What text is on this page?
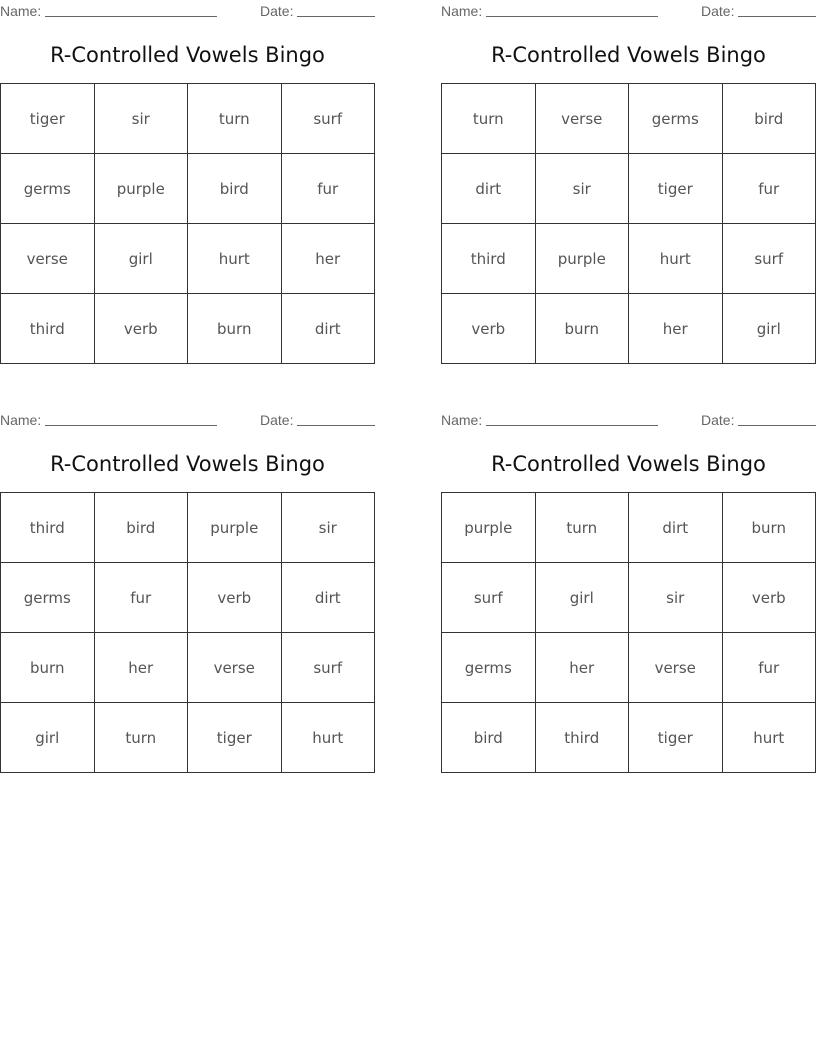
Name:	Date:
R-Controlled Vowels Bingo
tiger	sir	turn	surf
germs	purple	bird	fur
verse	girl	hurt	her
third	verb	burn	dirt
Name:	Date:
R-Controlled Vowels Bingo
turn	verse	germs	bird
dirt	sir	tiger	fur
third	purple	hurt	surf
verb	burn	her	girl
Name:	Date:
R-Controlled Vowels Bingo
third	bird	purple	sir
germs	fur	verb	dirt
burn	her	verse	surf
girl	turn	tiger	hurt
Name:	Date:
R-Controlled Vowels Bingo
purple	turn	dirt	burn
surf	girl	sir	verb
germs	her	verse	fur
bird	third	tiger	hurt
